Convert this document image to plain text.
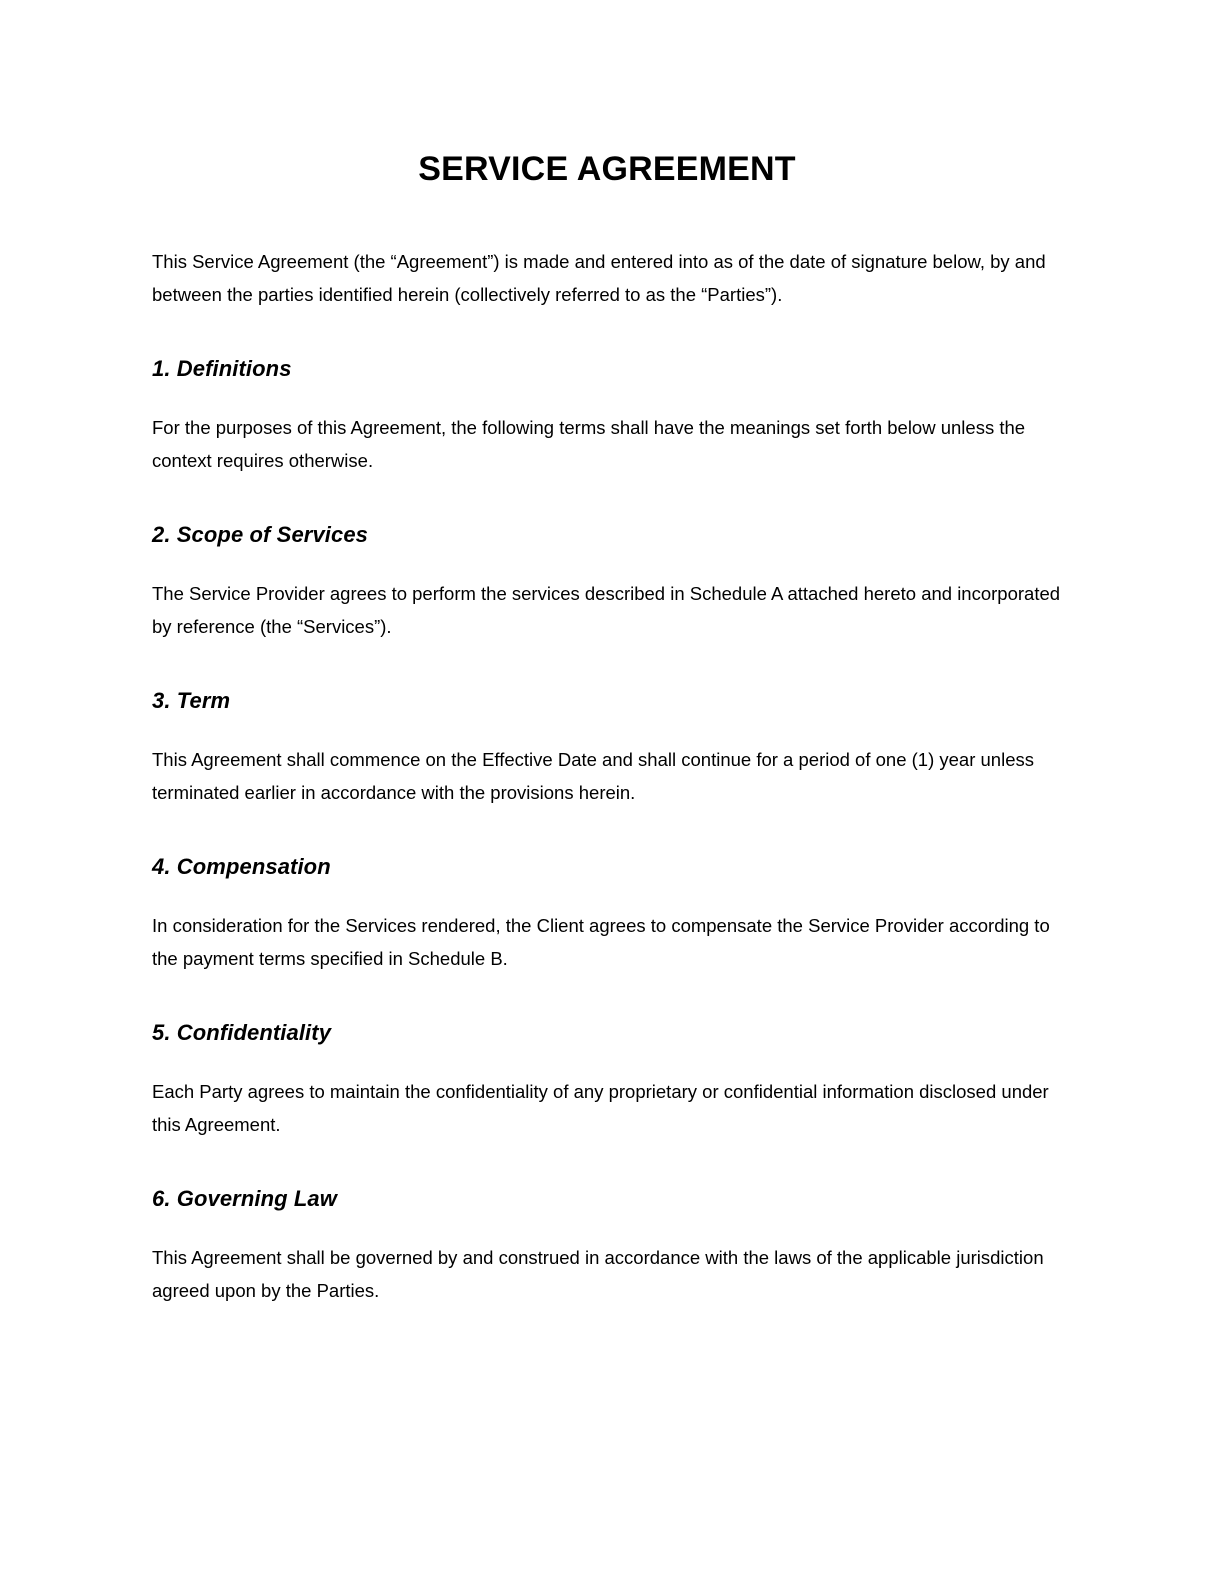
SERVICE AGREEMENT

This Service Agreement (the “Agreement”) is made and entered into as of the date of signature below, by and between the parties identified herein (collectively referred to as the “Parties”).

1. Definitions

For the purposes of this Agreement, the following terms shall have the meanings set forth below unless the context requires otherwise.

2. Scope of Services

The Service Provider agrees to perform the services described in Schedule A attached hereto and incorporated by reference (the “Services”).

3. Term

This Agreement shall commence on the Effective Date and shall continue for a period of one (1) year unless terminated earlier in accordance with the provisions herein.

4. Compensation

In consideration for the Services rendered, the Client agrees to compensate the Service Provider according to the payment terms specified in Schedule B.

5. Confidentiality

Each Party agrees to maintain the confidentiality of any proprietary or confidential information disclosed under this Agreement.

6. Governing Law

This Agreement shall be governed by and construed in accordance with the laws of the applicable jurisdiction agreed upon by the Parties.
